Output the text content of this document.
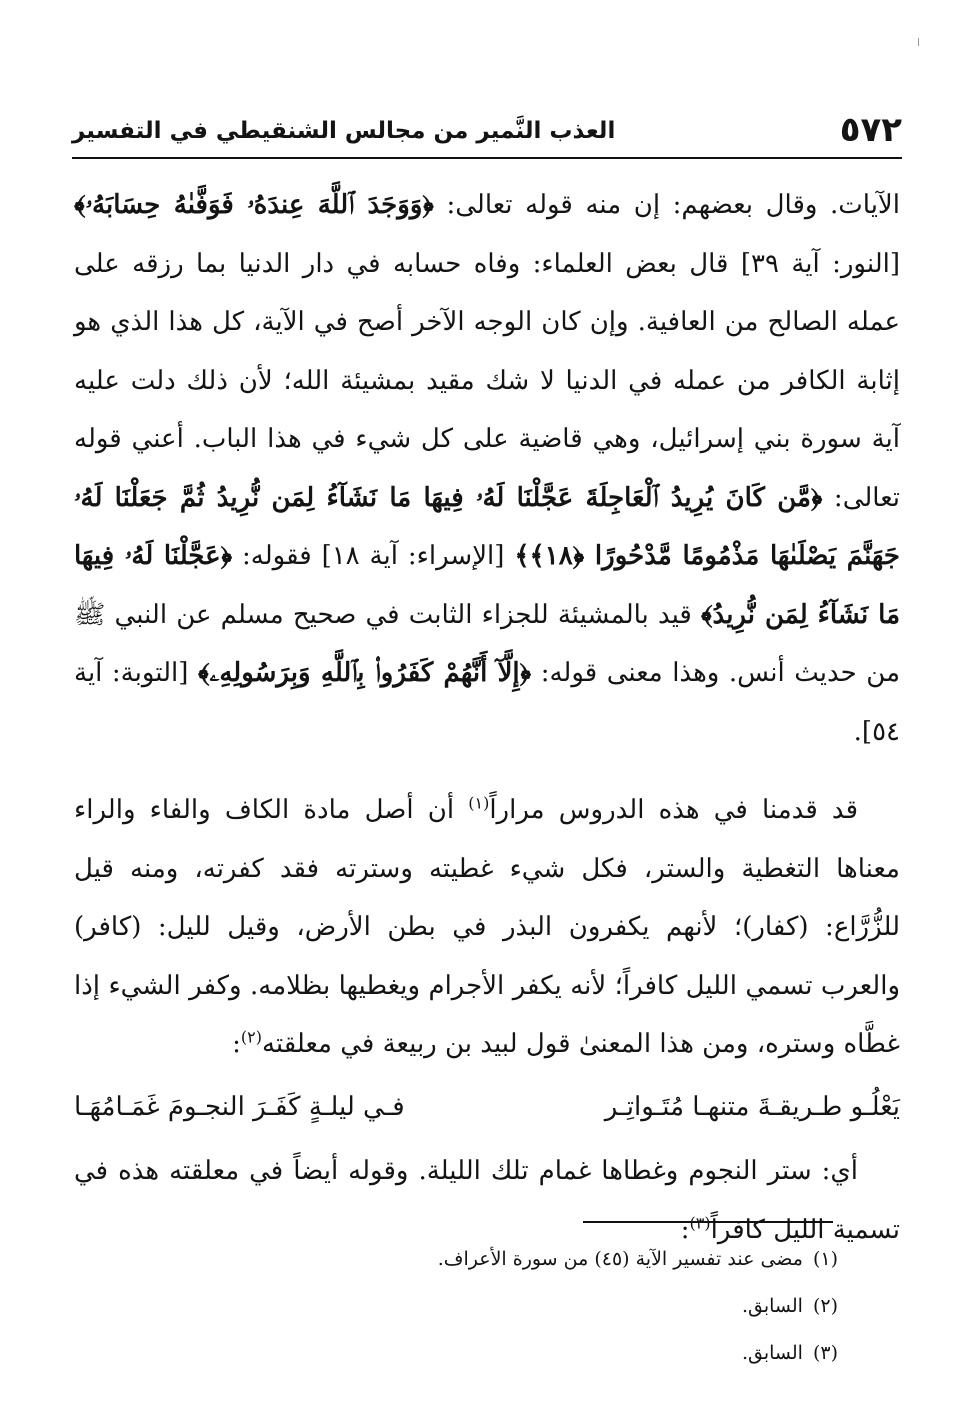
٥٧٢
العذب النَّمير من مجالس الشنقيطي في التفسير

الآيات. وقال بعضهم: إن منه قوله تعالى: ﴿وَوَجَدَ ٱللَّهَ عِندَهُۥ فَوَفَّىٰهُ حِسَابَهُۥ﴾ [النور: آية ٣٩] قال بعض العلماء: وفاه حسابه في دار الدنيا بما رزقه على عمله الصالح من العافية. وإن كان الوجه الآخر أصح في الآية، كل هذا الذي هو إثابة الكافر من عمله في الدنيا لا شك مقيد بمشيئة الله؛ لأن ذلك دلت عليه آية سورة بني إسرائيل، وهي قاضية على كل شيء في هذا الباب. أعني قوله تعالى: ﴿مَّن كَانَ يُرِيدُ ٱلْعَاجِلَةَ عَجَّلْنَا لَهُۥ فِيهَا مَا نَشَآءُ لِمَن نُّرِيدُ ثُمَّ جَعَلْنَا لَهُۥ جَهَنَّمَ يَصْلَىٰهَا مَذْمُومًا مَّدْحُورًا ﴿١٨﴾﴾ [الإسراء: آية ١٨] فقوله: ﴿عَجَّلْنَا لَهُۥ فِيهَا مَا نَشَآءُ لِمَن نُّرِيدُ﴾ قيد بالمشيئة للجزاء الثابت في صحيح مسلم عن النبي ﷺ من حديث أنس. وهذا معنى قوله: ﴿إِلَّآ أَنَّهُمْ كَفَرُوا۟ بِٱللَّهِ وَبِرَسُولِهِۦ﴾ [التوبة: آية ٥٤].

قد قدمنا في هذه الدروس مراراً$^{(١)}$ أن أصل مادة الكاف والفاء والراء معناها التغطية والستر، فكل شيء غطيته وسترته فقد كفرته، ومنه قيل للزُّرَّاع: (كفار)؛ لأنهم يكفرون البذر في بطن الأرض، وقيل لليل: (كافر) والعرب تسمي الليل كافراً؛ لأنه يكفر الأجرام ويغطيها بظلامه. وكفر الشيء إذا غطَّاه وستره، ومن هذا المعنىٰ قول لبيد بن ربيعة في معلقته$^{(٢)}$:

يَعْلُـو طـريقـةَ متنهـا مُتَـواتِـر
فـي ليلـةٍ كَفَـرَ النجـومَ غَمَـامُهَـا

أي: ستر النجوم وغطاها غمام تلك الليلة. وقوله أيضاً في معلقته هذه في تسمية الليل كافراً$^{(٣)}$:

(١)مضى عند تفسير الآية (٤٥) من سورة الأعراف.

(٢)السابق.

(٣)السابق.
